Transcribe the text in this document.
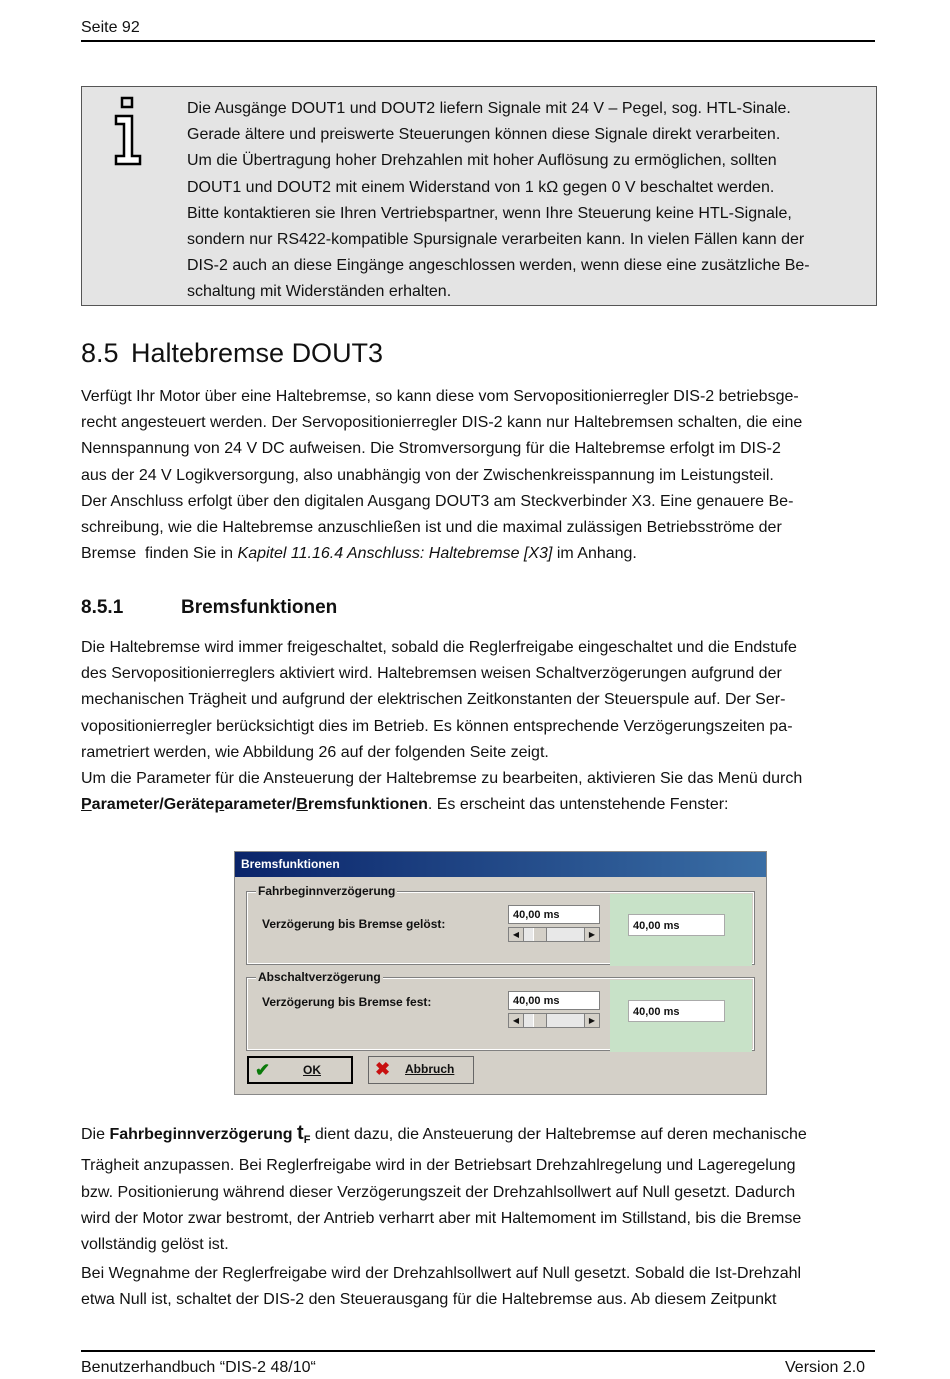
Seite 92
Die Ausgänge DOUT1 und DOUT2 liefern Signale mit 24 V – Pegel, sog. HTL-Sinale.
Gerade ältere und preiswerte Steuerungen können diese Signale direkt verarbeiten.
Um die Übertragung hoher Drehzahlen mit hoher Auflösung zu ermöglichen, sollten
DOUT1 und DOUT2 mit einem Widerstand von 1 kΩ gegen 0 V beschaltet werden.
Bitte kontaktieren sie Ihren Vertriebspartner, wenn Ihre Steuerung keine HTL-Signale,
sondern nur RS422-kompatible Spursignale verarbeiten kann. In vielen Fällen kann der
DIS-2 auch an diese Eingänge angeschlossen werden, wenn diese eine zusätzliche Be-
schaltung mit Widerständen erhalten.
8.5 Haltebremse DOUT3
Verfügt Ihr Motor über eine Haltebremse, so kann diese vom Servopositionierregler DIS-2 betriebsge-
recht angesteuert werden. Der Servopositionierregler DIS-2 kann nur Haltebremsen schalten, die eine
Nennspannung von 24 V DC aufweisen. Die Stromversorgung für die Haltebremse erfolgt im DIS-2
aus der 24 V Logikversorgung, also unabhängig von der Zwischenkreisspannung im Leistungsteil.
Der Anschluss erfolgt über den digitalen Ausgang DOUT3 am Steckverbinder X3. Eine genauere Be-
schreibung, wie die Haltebremse anzuschließen ist und die maximal zulässigen Betriebsströme der
Bremse  finden Sie in Kapitel 11.16.4 Anschluss: Haltebremse [X3] im Anhang.
8.5.1	Bremsfunktionen
Die Haltebremse wird immer freigeschaltet, sobald die Reglerfreigabe eingeschaltet und die Endstufe
des Servopositionierreglers aktiviert wird. Haltebremsen weisen Schaltverzögerungen aufgrund der
mechanischen Trägheit und aufgrund der elektrischen Zeitkonstanten der Steuerspule auf. Der Ser-
vopositionierregler berücksichtigt dies im Betrieb. Es können entsprechende Verzögerungszeiten pa-
rametriert werden, wie Abbildung 26 auf der folgenden Seite zeigt.
Um die Parameter für die Ansteuerung der Haltebremse zu bearbeiten, aktivieren Sie das Menü durch
Parameter/Geräteparameter/Bremsfunktionen. Es erscheint das untenstehende Fenster:
Bremsfunktionen
Fahrbeginnverzögerung
Verzögerung bis Bremse gelöst:
40,00 ms
◀	▶
40,00 ms
Abschaltverzögerung
Verzögerung bis Bremse fest:	40,00 ms
◀	▶
40,00 ms
✔	OK	✖ Abbruch
Die Fahrbeginnverzögerung $t_F$ dient dazu, die Ansteuerung der Haltebremse auf deren mechanische
Trägheit anzupassen. Bei Reglerfreigabe wird in der Betriebsart Drehzahlregelung und Lageregelung
bzw. Positionierung während dieser Verzögerungszeit der Drehzahlsollwert auf Null gesetzt. Dadurch
wird der Motor zwar bestromt, der Antrieb verharrt aber mit Haltemoment im Stillstand, bis die Bremse
vollständig gelöst ist.
Bei Wegnahme der Reglerfreigabe wird der Drehzahlsollwert auf Null gesetzt. Sobald die Ist-Drehzahl
etwa Null ist, schaltet der DIS-2 den Steuerausgang für die Haltebremse aus. Ab diesem Zeitpunkt
Benutzerhandbuch “DIS-2 48/10“	Version 2.0
